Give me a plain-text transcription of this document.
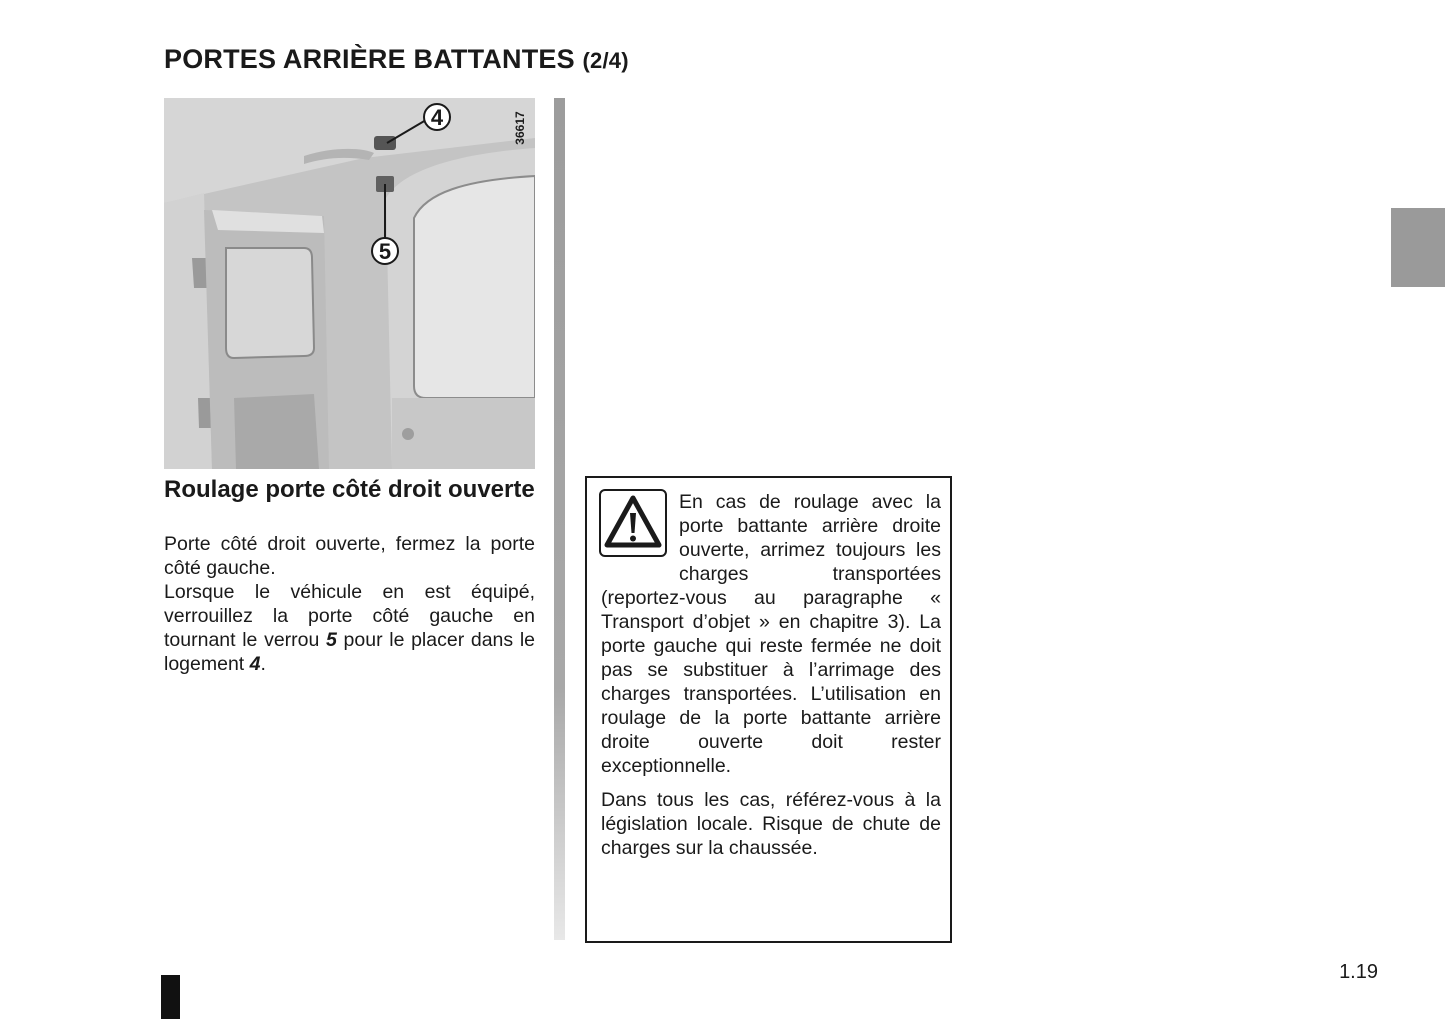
PORTES ARRIÈRE BATTANTES (2/4)
36617
4
5
Roulage porte côté droit ouverte

Porte côté droit ouverte, fermez la porte côté gauche.

Lorsque le véhicule en est équipé, verrouillez la porte côté gauche en tournant le verrou 5 pour le placer dans le logement 4.

En cas de roulage avec la porte battante arrière droite ouverte, arrimez toujours les charges transportées (reportez-vous au paragraphe « Transport d’objet » en chapitre 3). La porte gauche qui reste fermée ne doit pas se substituer à l’arrimage des charges transportées. L’utilisation en roulage de la porte battante arrière droite ouverte doit rester exceptionnelle.

Dans tous les cas, référez-vous à la législation locale. Risque de chute de charges sur la chaussée.

1.19
